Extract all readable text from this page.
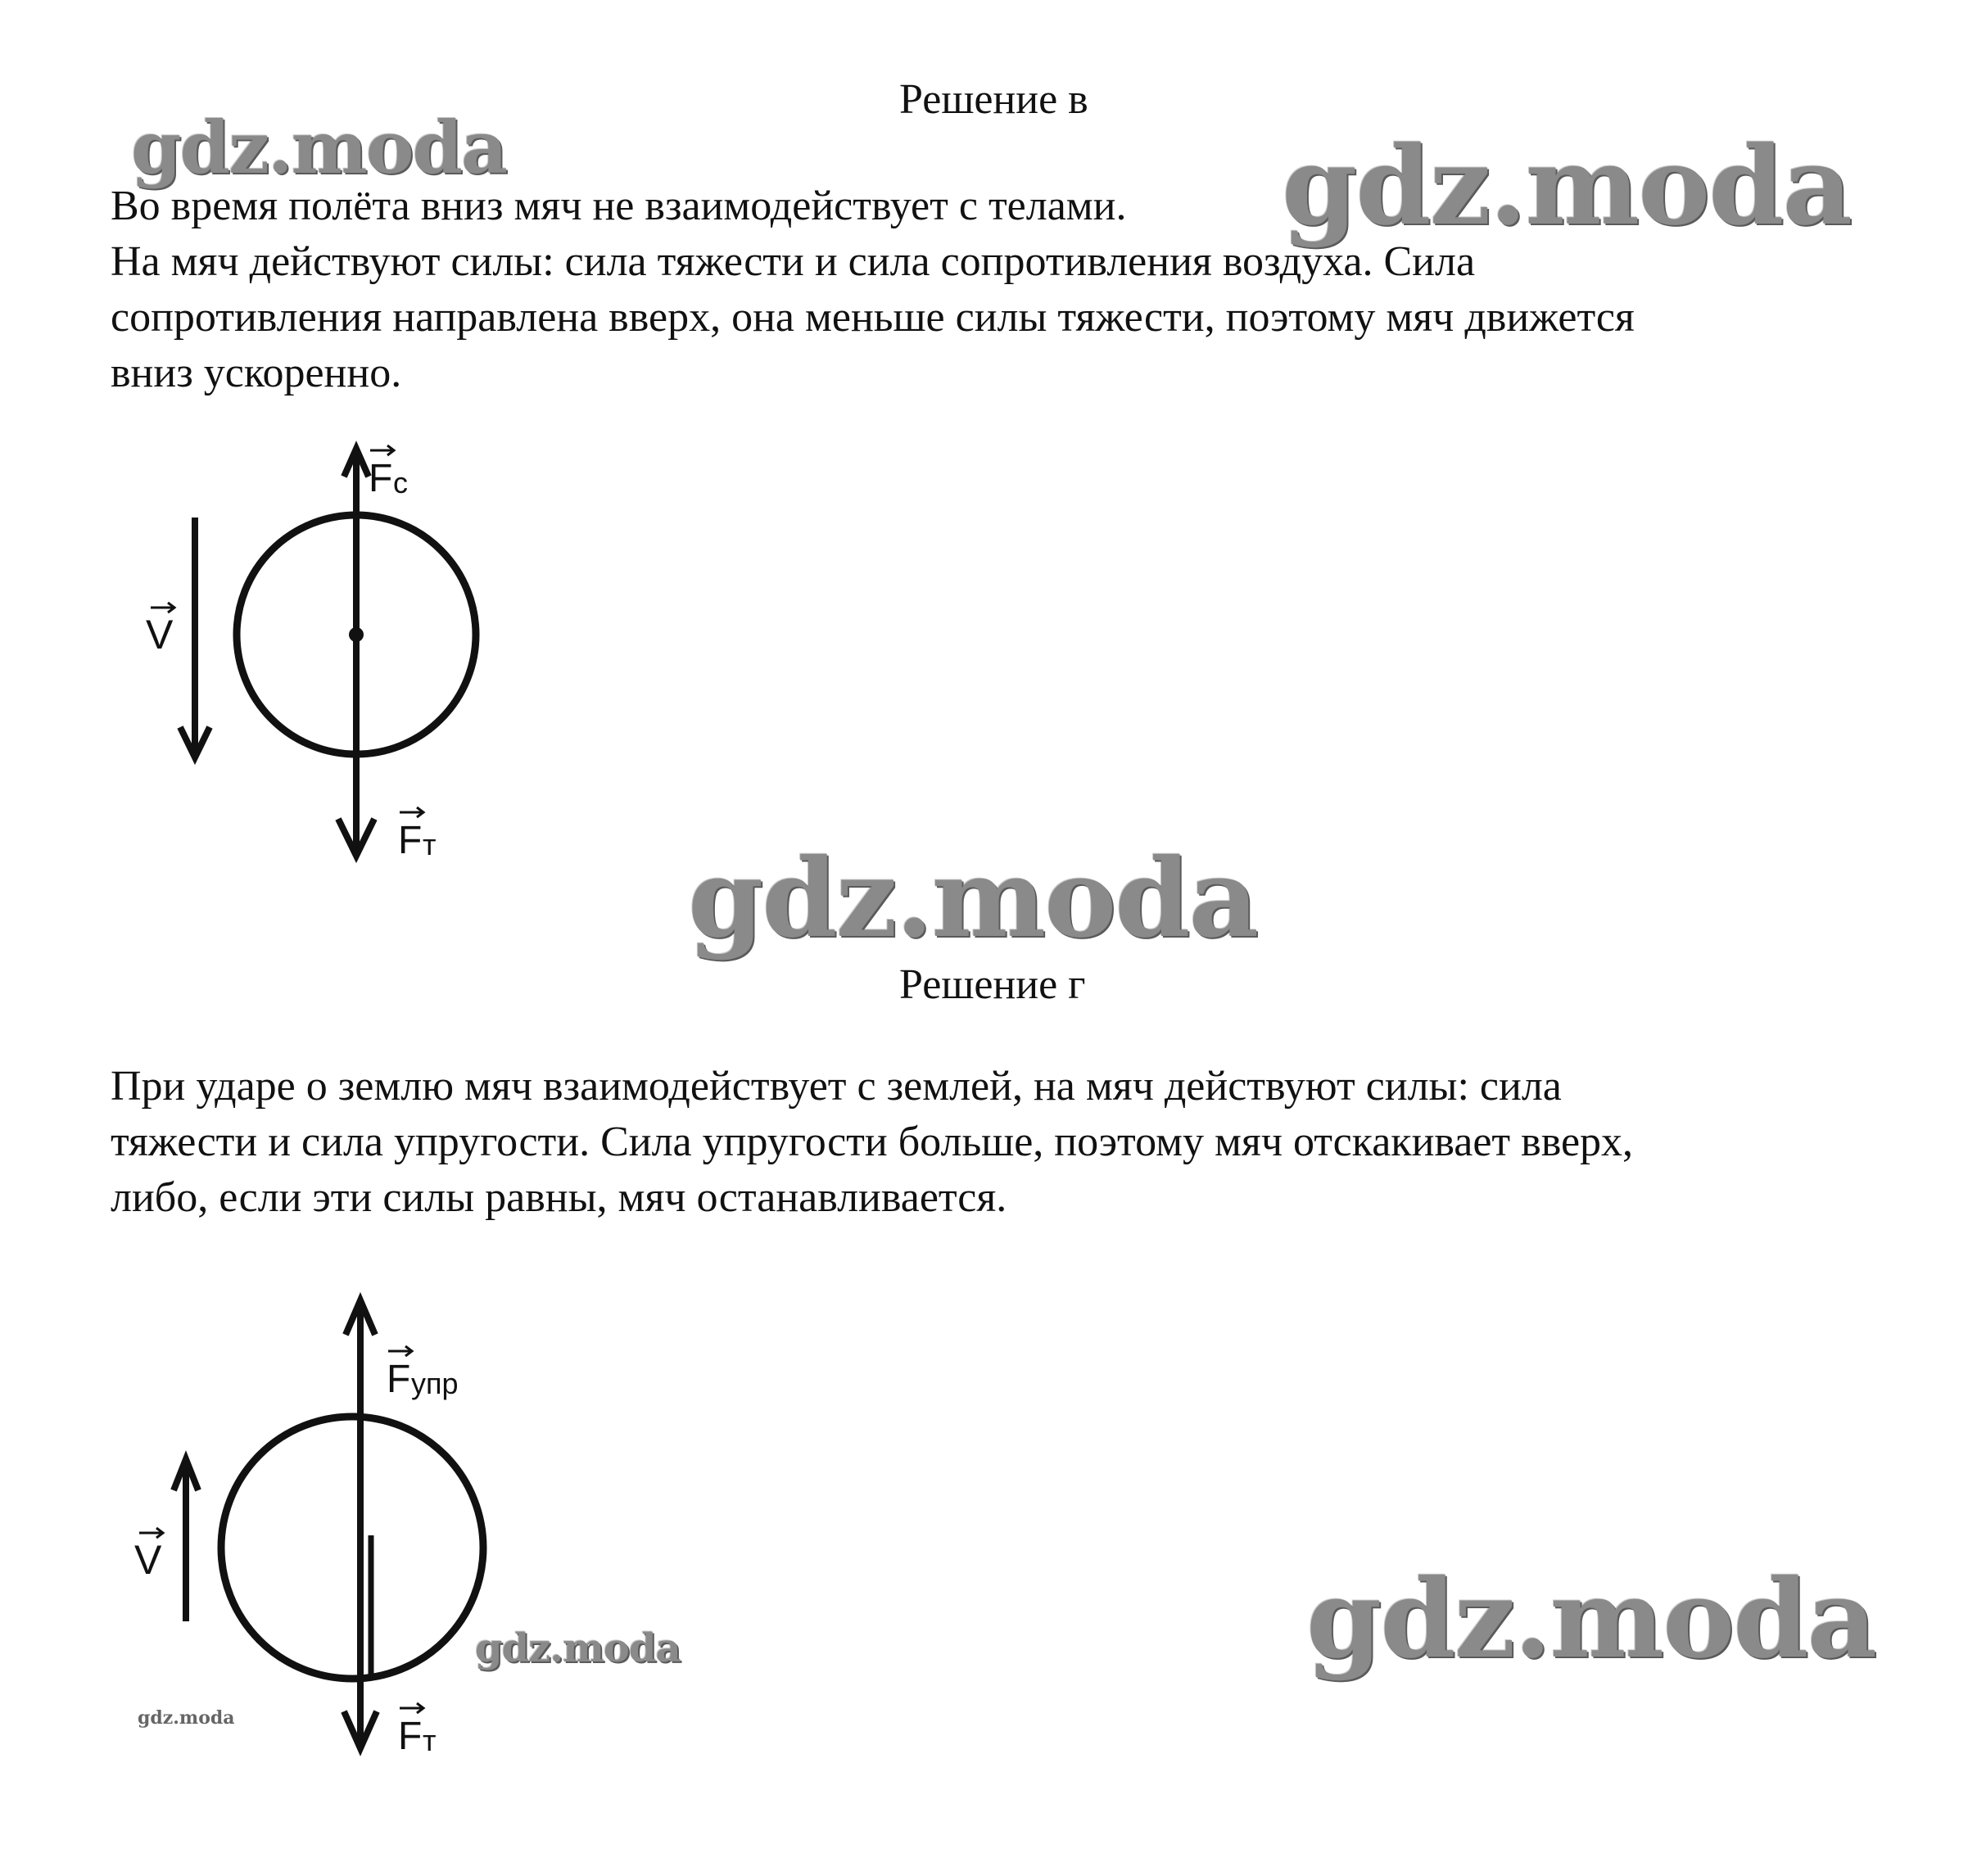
gdz.moda	gdz.moda
gdz.moda
gdz.moda
gdz.moda
gdz.moda
Решение в
Во время полёта вниз мяч не взаимодействует с телами.
На мяч действуют силы: сила тяжести и сила сопротивления воздуха. Сила
сопротивления направлена вверх, она меньше силы тяжести, поэтому мяч движется
вниз ускоренно.
V
F с
F т
Решение г
При ударе о землю мяч взаимодействует с землей, на мяч действуют силы: сила
тяжести и сила упругости. Сила упругости больше, поэтому мяч отскакивает вверх,
либо, если эти силы равны, мяч останавливается.
V
F упр
F т
